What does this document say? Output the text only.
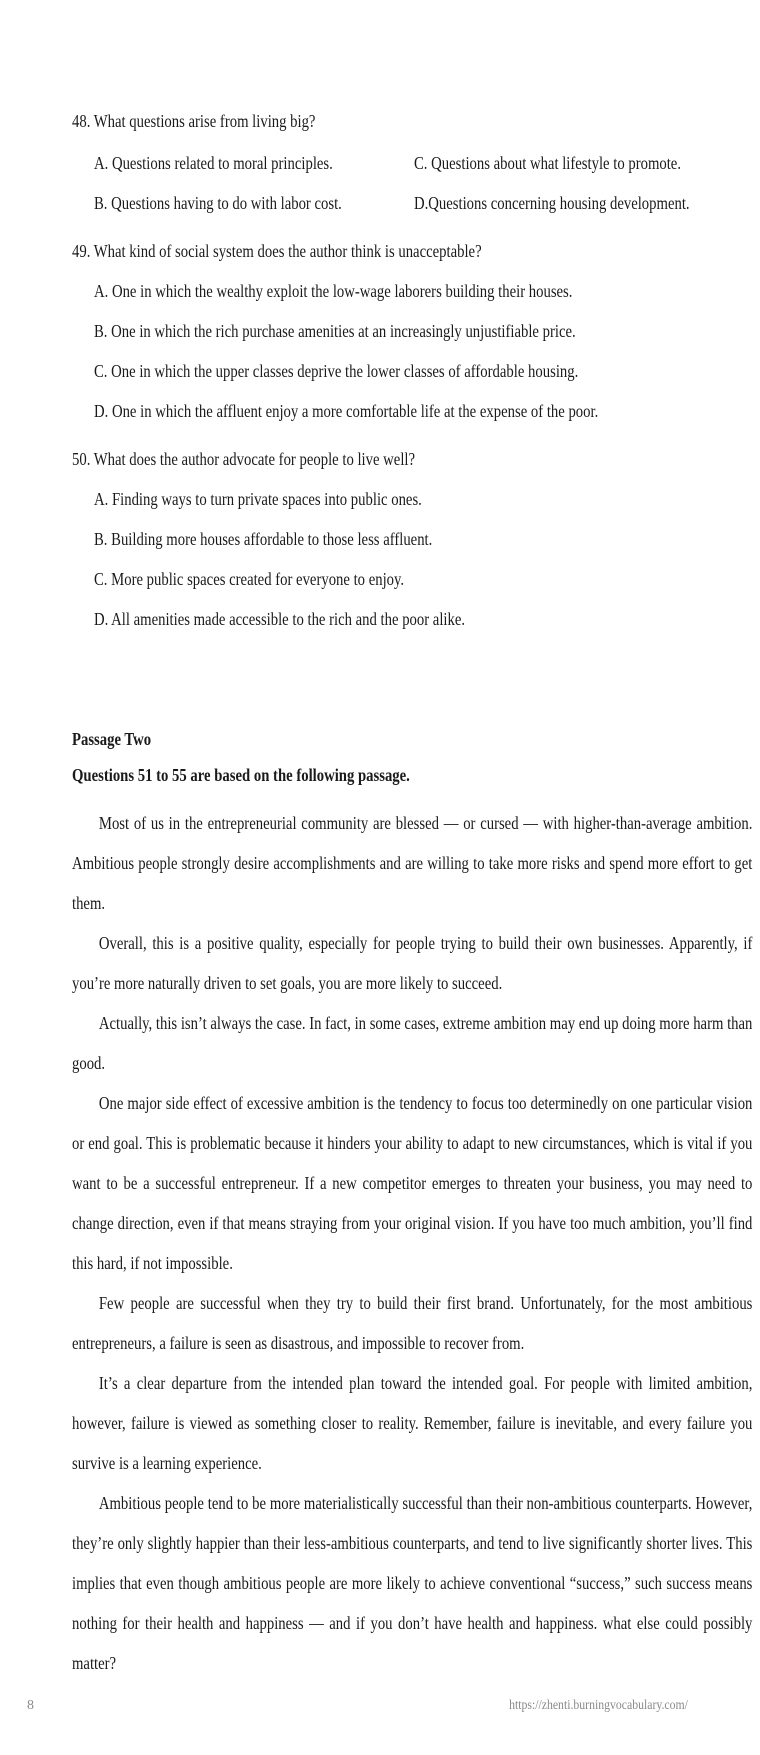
48. What questions arise from living big?
A. Questions related to moral principles.	C. Questions about what lifestyle to promote.
B. Questions having to do with labor cost.	D.Questions concerning housing development.
49. What kind of social system does the author think is unacceptable?
A. One in which the wealthy exploit the low-wage laborers building their houses.
B. One in which the rich purchase amenities at an increasingly unjustifiable price.
C. One in which the upper classes deprive the lower classes of affordable housing.
D. One in which the affluent enjoy a more comfortable life at the expense of the poor.
50. What does the author advocate for people to live well?
A. Finding ways to turn private spaces into public ones.
B. Building more houses affordable to those less affluent.
C. More public spaces created for everyone to enjoy.
D. All amenities made accessible to the rich and the poor alike.
Passage Two
Questions 51 to 55 are based on the following passage.

Most of us in the entrepreneurial community are blessed — or cursed — with higher-than-average ambition. Ambitious people strongly desire accomplishments and are willing to take more risks and spend more effort to get them.

Overall, this is a positive quality, especially for people trying to build their own businesses. Apparently, if you’re more naturally driven to set goals, you are more likely to succeed.

Actually, this isn’t always the case. In fact, in some cases, extreme ambition may end up doing more harm than good.

One major side effect of excessive ambition is the tendency to focus too determinedly on one particular vision or end goal. This is problematic because it hinders your ability to adapt to new circumstances, which is vital if you want to be a successful entrepreneur. If a new competitor emerges to threaten your business, you may need to change direction, even if that means straying from your original vision. If you have too much ambition, you’ll find this hard, if not impossible.

Few people are successful when they try to build their first brand. Unfortunately, for the most ambitious entrepreneurs, a failure is seen as disastrous, and impossible to recover from.

It’s a clear departure from the intended plan toward the intended goal. For people with limited ambition, however, failure is viewed as something closer to reality. Remember, failure is inevitable, and every failure you survive is a learning experience.

Ambitious people tend to be more materialistically successful than their non-ambitious counterparts. However, they’re only slightly happier than their less-ambitious counterparts, and tend to live significantly shorter lives. This implies that even though ambitious people are more likely to achieve conventional “success,” such success means nothing for their health and happiness — and if you don’t have health and happiness. what else could possibly matter?

8	https://zhenti.burningvocabulary.com/
